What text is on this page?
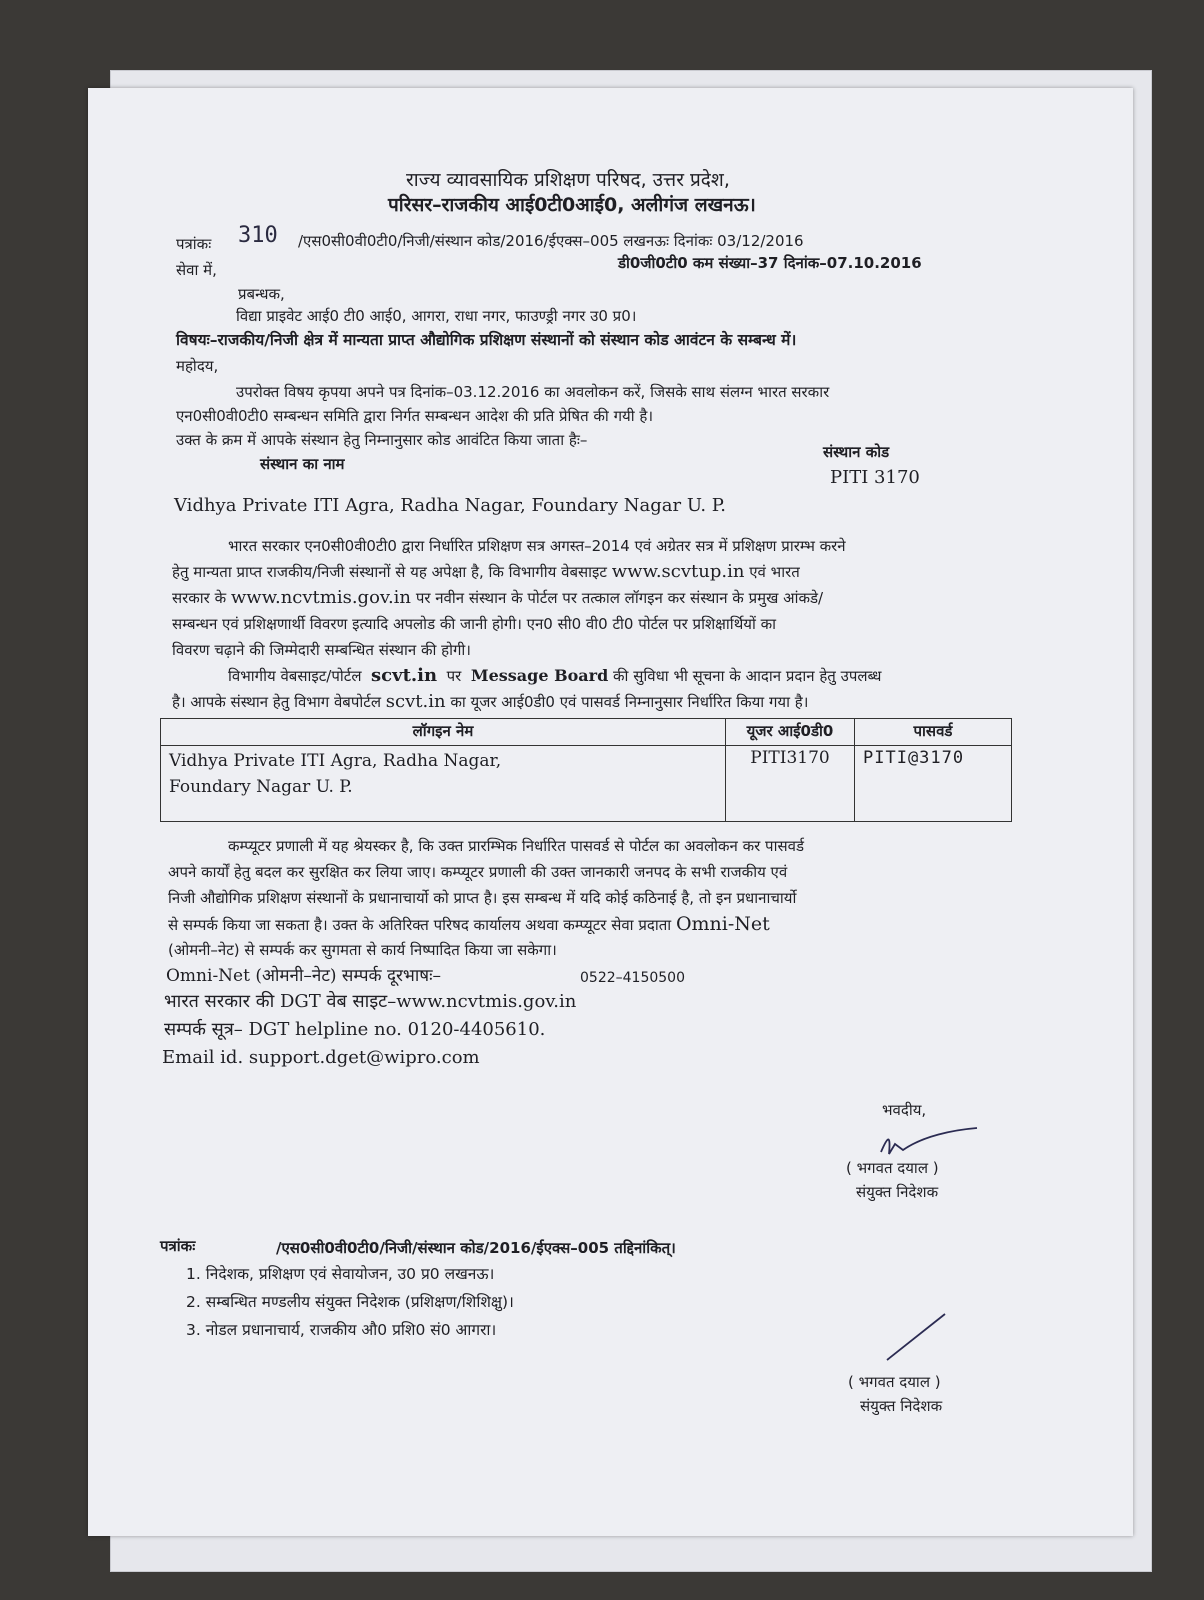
राज्य व्यावसायिक प्रशिक्षण परिषद, उत्तर प्रदेश,
परिसर–राजकीय आई0टी0आई0, अलीगंज लखनऊ।
पत्रांकः 310 /एस0सी0वी0टी0/निजी/संस्थान कोड/2016/ईएक्स–005 लखनऊः दिनांकः 03/12/2016
डी0जी0टी0 कम संख्या–37 दिनांक–07.10.2016
सेवा में,
प्रबन्धक,
विद्या प्राइवेट आई0 टी0 आई0, आगरा, राधा नगर, फाउण्ड्री नगर उ0 प्र0।
विषयः–राजकीय/निजी क्षेत्र में मान्यता प्राप्त औद्योगिक प्रशिक्षण संस्थानों को संस्थान कोड आवंटन के सम्बन्ध में।
महोदय,
उपरोक्त विषय कृपया अपने पत्र दिनांक–03.12.2016 का अवलोकन करें, जिसके साथ संलग्न भारत सरकार
एन0सी0वी0टी0 सम्बन्धन समिति द्वारा निर्गत सम्बन्धन आदेश की प्रति प्रेषित की गयी है।
उक्त के क्रम में आपके संस्थान हेतु निम्नानुसार कोड आवंटित किया जाता हैः–
संस्थान का नाम
संस्थान कोड
PITI 3170
Vidhya Private ITI Agra, Radha Nagar, Foundary Nagar U. P.
भारत सरकार एन0सी0वी0टी0 द्वारा निर्धारित प्रशिक्षण सत्र अगस्त–2014 एवं अग्रेतर सत्र में प्रशिक्षण प्रारम्भ करने
हेतु मान्यता प्राप्त राजकीय/निजी संस्थानों से यह अपेक्षा है, कि विभागीय वेबसाइट www.scvtup.in एवं भारत
सरकार के www.ncvtmis.gov.in पर नवीन संस्थान के पोर्टल पर तत्काल लॉगइन कर संस्थान के प्रमुख आंकडे/
सम्बन्धन एवं प्रशिक्षणार्थी विवरण इत्यादि अपलोड की जानी होगी। एन0 सी0 वी0 टी0 पोर्टल पर प्रशिक्षार्थियों का
विवरण चढ़ाने की जिम्मेदारी सम्बन्धित संस्थान की होगी।
विभागीय वेबसाइट/पोर्टल scvt.in पर Message Board की सुविधा भी सूचना के आदान प्रदान हेतु उपलब्ध
है। आपके संस्थान हेतु विभाग वेबपोर्टल scvt.in का यूजर आई0डी0 एवं पासवर्ड निम्नानुसार निर्धारित किया गया है।
लॉगइन नेम	यूजर आई0डी0	पासवर्ड

Vidhya Private ITI Agra, Radha Nagar,
Foundary Nagar U. P.	PITI3170	PITI@3170
कम्प्यूटर प्रणाली में यह श्रेयस्कर है, कि उक्त प्रारम्भिक निर्धारित पासवर्ड से पोर्टल का अवलोकन कर पासवर्ड
अपने कार्यों हेतु बदल कर सुरक्षित कर लिया जाए। कम्प्यूटर प्रणाली की उक्त जानकारी जनपद के सभी राजकीय एवं
निजी औद्योगिक प्रशिक्षण संस्थानों के प्रधानाचार्यो को प्राप्त है। इस सम्बन्ध में यदि कोई कठिनाई है, तो इन प्रधानाचार्यो
से सम्पर्क किया जा सकता है। उक्त के अतिरिक्त परिषद कार्यालय अथवा कम्प्यूटर सेवा प्रदाता Omni-Net
(ओमनी–नेट) से सम्पर्क कर सुगमता से कार्य निष्पादित किया जा सकेगा।
Omni-Net (ओमनी–नेट) सम्पर्क दूरभाषः–	0522–4150500
भारत सरकार की DGT वेब साइट–www.ncvtmis.gov.in
सम्पर्क सूत्र– DGT helpline no. 0120-4405610.
Email id. support.dget@wipro.com
भवदीय,
( भगवत दयाल )
संयुक्त निदेशक
पत्रांकः	/एस0सी0वी0टी0/निजी/संस्थान कोड/2016/ईएक्स–005 तद्दिनांकित्।
1. निदेशक, प्रशिक्षण एवं सेवायोजन, उ0 प्र0 लखनऊ।
2. सम्बन्धित मण्डलीय संयुक्त निदेशक (प्रशिक्षण/शिशिक्षु)।
3. नोडल प्रधानाचार्य, राजकीय औ0 प्रशि0 सं0 आगरा।
( भगवत दयाल )
संयुक्त निदेशक
